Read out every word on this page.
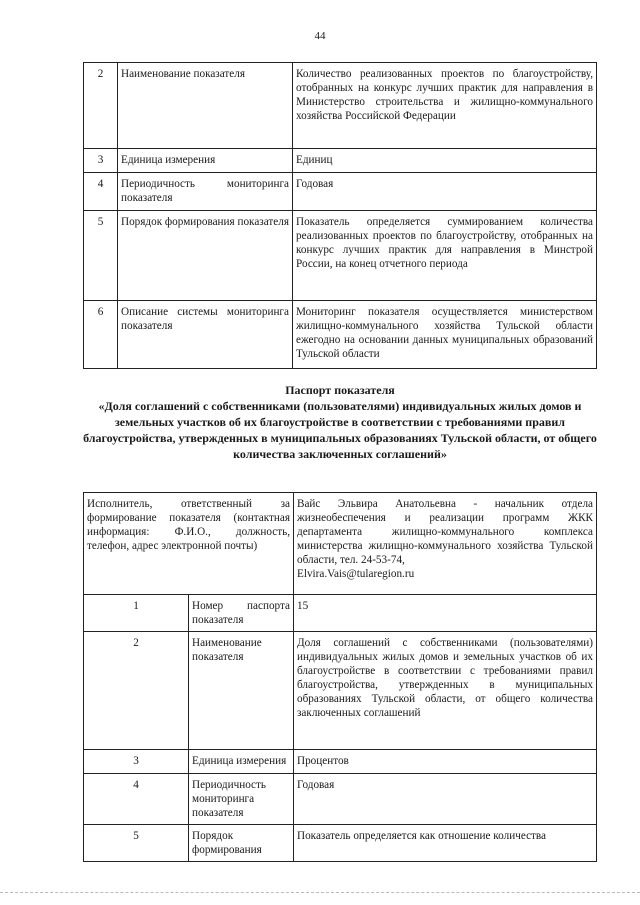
44
2	Наименование показателя	Количество реализованных проектов по благоустройству, отобранных на конкурс лучших практик для направления в Министерство строительства и жилищно-коммунального хозяйства Российской Федерации
3	Единица измерения	Единиц
4	Периодичность мониторинга показателя	Годовая
5	Порядок формирования показателя	Показатель определяется суммированием количества реализованных проектов по благоустройству, отобранных на конкурс лучших практик для направления в Минстрой России, на конец отчетного периода
6	Описание системы мониторинга показателя	Мониторинг показателя осуществляется министерством жилищно-коммунального хозяйства Тульской области ежегодно на основании данных муниципальных образований Тульской области
Паспорт показателя
«Доля соглашений с собственниками (пользователями) индивидуальных жилых домов и земельных участков об их благоустройстве в соответствии с требованиями правил благоустройства, утвержденных в муниципальных образованиях Тульской области, от общего количества заключенных соглашений»
Исполнитель, ответственный за формирование показателя (контактная информация: Ф.И.О., должность, телефон, адрес электронной почты)		Вайс Эльвира Анатольевна - начальник отдела жизнеобеспечения и реализации программ ЖКК департамента жилищно-коммунального комплекса министерства жилищно-коммунального хозяйства Тульской области, тел. 24-53-74,
Elvira.Vais@tularegion.ru
1	Номер паспорта показателя	15
2	Наименование показателя	Доля соглашений с собственниками (пользователями) индивидуальных жилых домов и земельных участков об их благоустройстве в соответствии с требованиями правил благоустройства, утвержденных в муниципальных образованиях Тульской области, от общего количества заключенных соглашений
3	Единица измерения	Процентов
4	Периодичность мониторинга показателя	Годовая
5	Порядок формирования	Показатель определяется как отношение количества
